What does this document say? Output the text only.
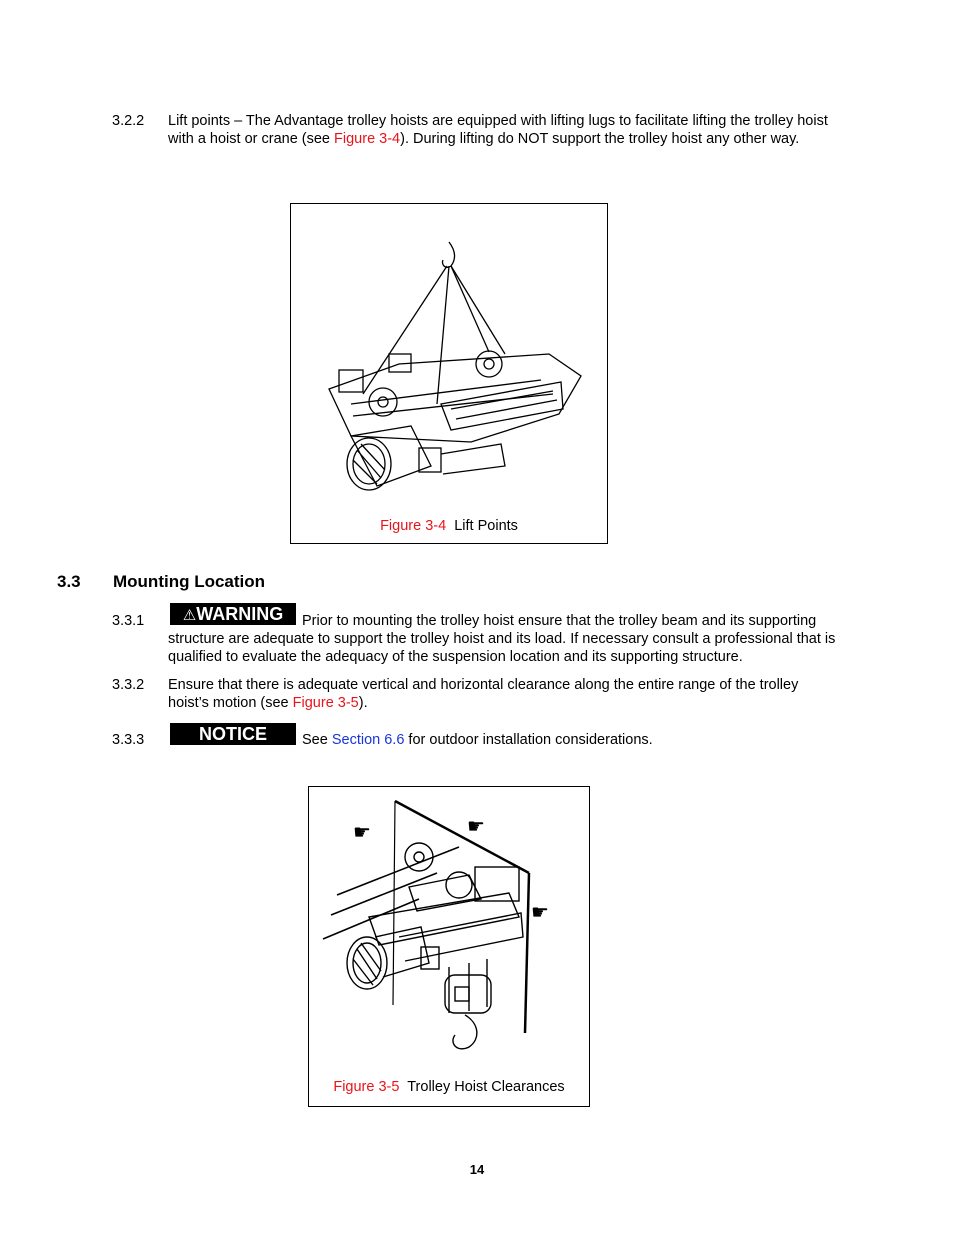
3.2.2 Lift points – The Advantage trolley hoists are equipped with lifting lugs to facilitate lifting the trolley hoist with a hoist or crane (see Figure 3-4). During lifting do NOT support the trolley hoist any other way.
Figure 3-4 Lift Points
3.3 Mounting Location
3.3.1	⚠WARNING	Prior to mounting the trolley hoist ensure that the trolley beam and its supporting structure are adequate to support the trolley hoist and its load. If necessary consult a professional that is qualified to evaluate the adequacy of the suspension location and its supporting structure.
3.3.2 Ensure that there is adequate vertical and horizontal clearance along the entire range of the trolley hoist’s motion (see Figure 3-5).
3.3.3	NOTICE	See Section 6.6 for outdoor installation considerations.
☛	☛
☛
Figure 3-5 Trolley Hoist Clearances
14
